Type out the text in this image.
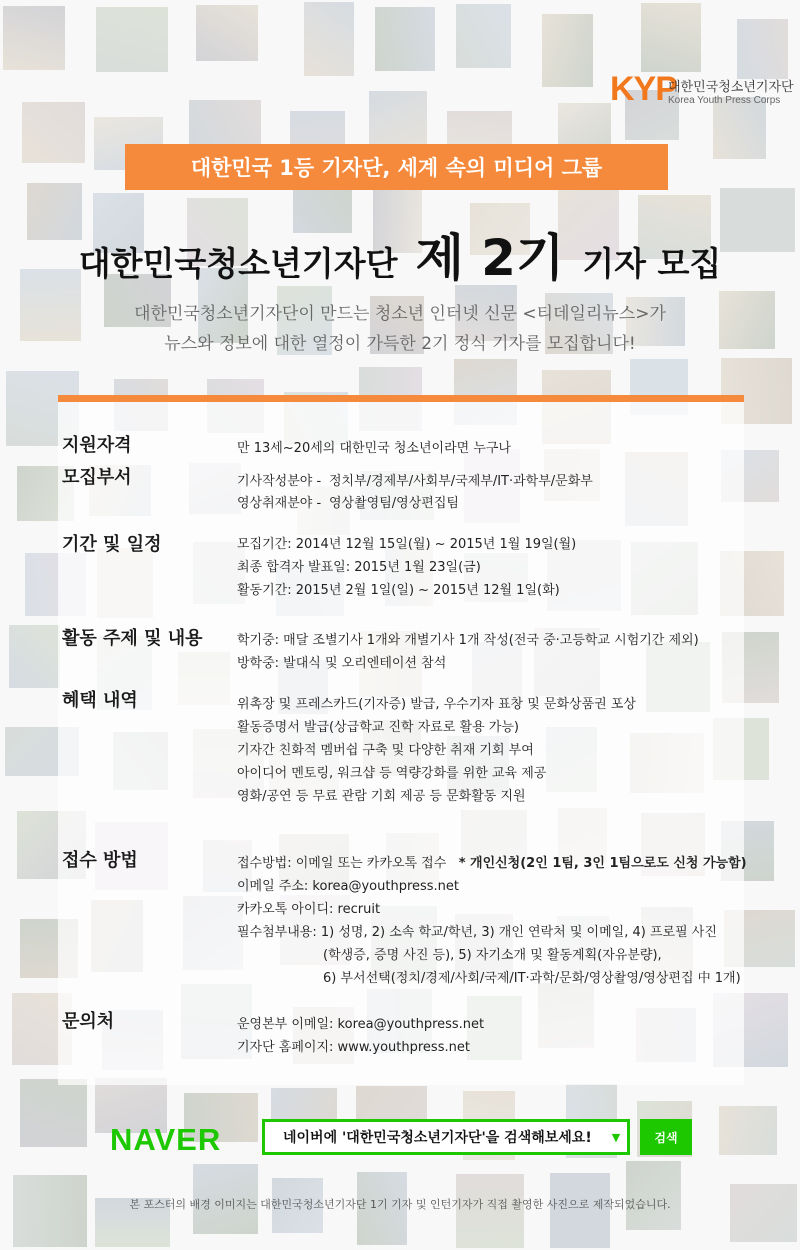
KYP
대한민국청소년기자단
Korea Youth Press Corps
대한민국 1등 기자단, 세계 속의 미디어 그룹
대한민국청소년기자단 제 2기 기자 모집
대한민국청소년기자단이 만드는 청소년 인터넷 신문 <티데일리뉴스>가
뉴스와 정보에 대한 열정이 가득한 2기 정식 기자를 모집합니다!
지원자격	만 13세~20세의 대한민국 청소년이라면 누구나
모집부서	기사작성분야 - 정치부/경제부/사회부/국제부/IT·과학부/문화부
영상취재분야 - 영상촬영팀/영상편집팀
기간 및 일정	모집기간: 2014년 12월 15일(월) ~ 2015년 1월 19일(월)
최종 합격자 발표일: 2015년 1월 23일(금)
활동기간: 2015년 2월 1일(일) ~ 2015년 12월 1일(화)
활동 주제 및 내용	학기중: 매달 조별기사 1개와 개별기사 1개 작성(전국 중·고등학교 시험기간 제외)
방학중: 발대식 및 오리엔테이션 참석
혜택 내역	위촉장 및 프레스카드(기자증) 발급, 우수기자 표창 및 문화상품권 포상
활동증명서 발급(상급학교 진학 자료로 활용 가능)
기자간 친화적 멤버쉽 구축 및 다양한 취재 기회 부여
아이디어 멘토링, 워크샵 등 역량강화를 위한 교육 제공
영화/공연 등 무료 관람 기회 제공 등 문화활동 지원
접수 방법	접수방법: 이메일 또는 카카오톡 접수 * 개인신청(2인 1팀, 3인 1팀으로도 신청 가능함)
이메일 주소: korea@youthpress.net
카카오톡 아이디: recruit
필수첨부내용: 1) 성명, 2) 소속 학교/학년, 3) 개인 연락처 및 이메일, 4) 프로필 사진
(학생증, 증명 사진 등), 5) 자기소개 및 활동계획(자유분량),
6) 부서선택(정치/경제/사회/국제/IT·과학/문화/영상촬영/영상편집 中 1개)
문의처	운영본부 이메일: korea@youthpress.net
기자단 홈페이지: www.youthpress.net
NAVER	네이버에 '대한민국청소년기자단'을 검색해보세요!	▼	검색
본 포스터의 배경 이미지는 대한민국청소년기자단 1기 기자 및 인턴기자가 직접 촬영한 사진으로 제작되었습니다.
